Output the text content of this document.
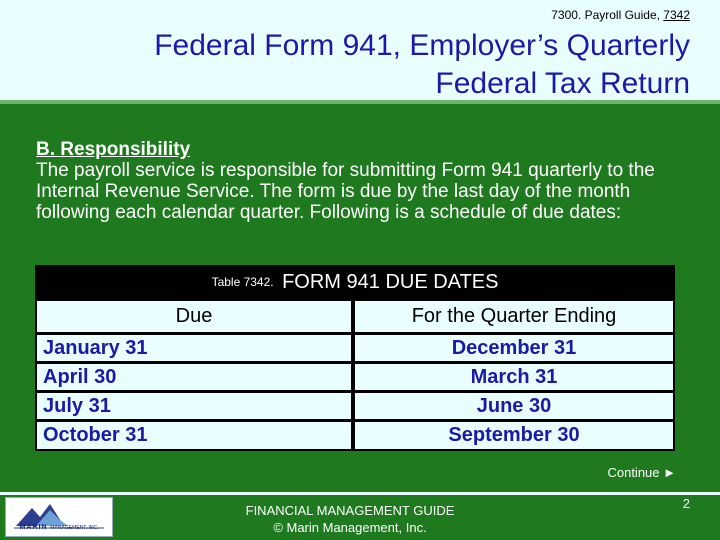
7300. Payroll Guide, 7342
Federal Form 941, Employer’s Quarterly
Federal Tax Return
B. Responsibility
The payroll service is responsible for submitting Form 941 quarterly to the Internal Revenue Service. The form is due by the last day of the month following each calendar quarter. Following is a schedule of due dates:
Table 7342. FORM 941 DUE DATES
Due	For the Quarter Ending
January 31	December 31
April 30	March 31
July 31	June 30
October 31	September 30
Continue ►
MARIN MANAGEMENT, INC.
FINANCIAL MANAGEMENT GUIDE
© Marin Management, Inc.
2
